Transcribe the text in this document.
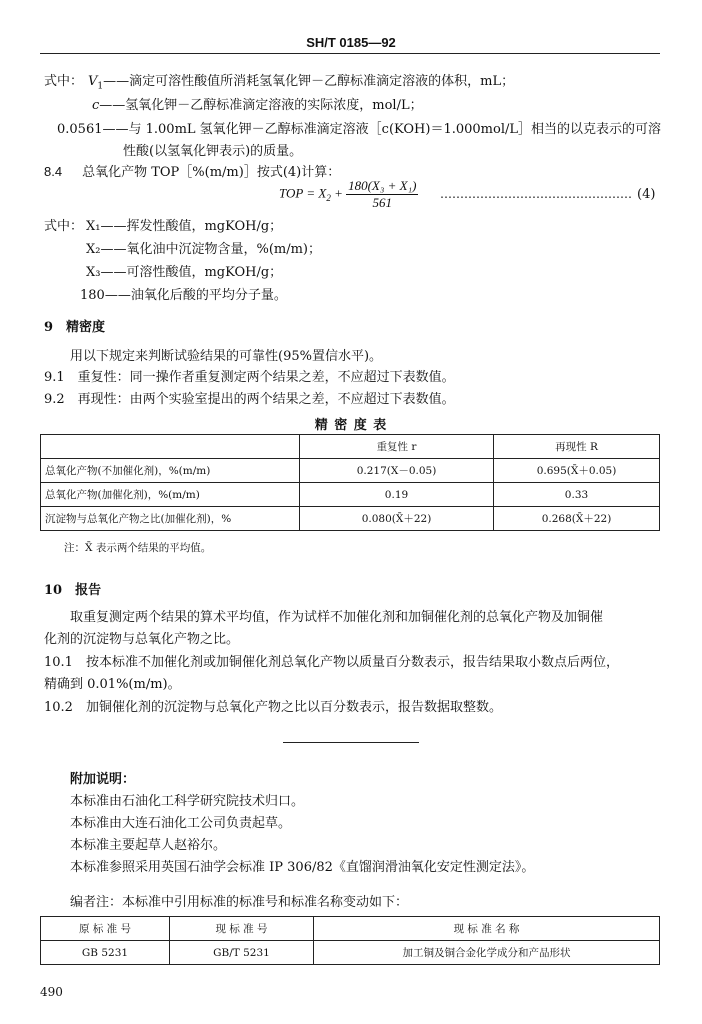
SH/T 0185—92
式中： $V_1——$滴定可溶性酸值所消耗氢氧化钾－乙醇标准滴定溶液的体积，mL；
c——氢氧化钾－乙醇标准滴定溶液的实际浓度，mol/L；
0.0561——与 1.00mL 氢氧化钾－乙醇标准滴定溶液［c(KOH)＝1.000mol/L］相当的以克表示的可溶
性酸(以氢氧化钾表示)的质量。
8.4 总氧化产物 TOP［%(m/m)］按式(4)计算：
TOP = $X_2 + \frac{\text{180(X₃ + X₁)}}{561}$ ………………………………………… (4)
式中： X₁——挥发性酸值，mgKOH/g；
X₂——氧化油中沉淀物含量，%(m/m)；
X₃——可溶性酸值，mgKOH/g；
180——油氧化后酸的平均分子量。
9　精密度
用以下规定来判断试验结果的可靠性(95%置信水平)。
9.1　重复性：同一操作者重复测定两个结果之差，不应超过下表数值。
9.2　再现性：由两个实验室提出的两个结果之差，不应超过下表数值。
精 密 度 表
	重复性 r	再现性 R
总氧化产物(不加催化剂)，%(m/m)	0.217(X－0.05)	0.695(X̄＋0.05)
总氧化产物(加催化剂)，%(m/m)	0.19	0.33
沉淀物与总氧化产物之比(加催化剂)，%	0.080(X̄＋22)	0.268(X̄＋22)
注：X̄ 表示两个结果的平均值。
10　报告
取重复测定两个结果的算术平均值，作为试样不加催化剂和加铜催化剂的总氧化产物及加铜催
化剂的沉淀物与总氧化产物之比。
10.1　按本标准不加催化剂或加铜催化剂总氧化产物以质量百分数表示，报告结果取小数点后两位，
精确到 0.01%(m/m)。
10.2　加铜催化剂的沉淀物与总氧化产物之比以百分数表示，报告数据取整数。
附加说明：
本标准由石油化工科学研究院技术归口。
本标准由大连石油化工公司负责起草。
本标准主要起草人赵裕尔。
本标准参照采用英国石油学会标准 IP 306/82《直馏润滑油氧化安定性测定法》。
编者注：本标准中引用标准的标准号和标准名称变动如下：
原 标 准 号	现 标 准 号	现 标 准 名 称
GB 5231	GB/T 5231	加工铜及铜合金化学成分和产品形状
490
